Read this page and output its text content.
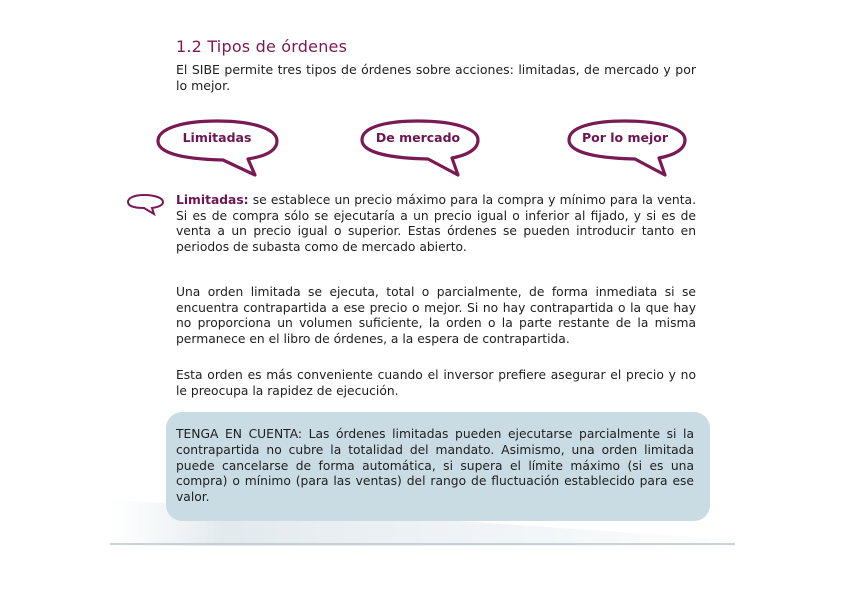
1.2 Tipos de órdenes
El SIBE permite tres tipos de órdenes sobre acciones: limitadas, de mercado y por lo mejor.
Limitadas	De mercado	Por lo mejor

Limitadas: se establece un precio máximo para la compra y mínimo para la venta. Si es de compra sólo se ejecutaría a un precio igual o inferior al fijado, y si es de venta a un precio igual o superior. Estas órdenes se pueden introducir tanto en periodos de subasta como de mercado abierto.

Una orden limitada se ejecuta, total o parcialmente, de forma inmediata si se encuentra contrapartida a ese precio o mejor. Si no hay contrapartida o la que hay no proporciona un volumen suficiente, la orden o la parte restante de la misma permanece en el libro de órdenes, a la espera de contrapartida.

Esta orden es más conveniente cuando el inversor prefiere asegurar el precio y no le preocupa la rapidez de ejecución.

TENGA EN CUENTA: Las órdenes limitadas pueden ejecutarse parcialmente si la contrapartida no cubre la totalidad del mandato. Asimismo, una orden limitada puede cancelarse de forma automática, si supera el límite máximo (si es una compra) o mínimo (para las ventas) del rango de fluctuación establecido para ese valor.
